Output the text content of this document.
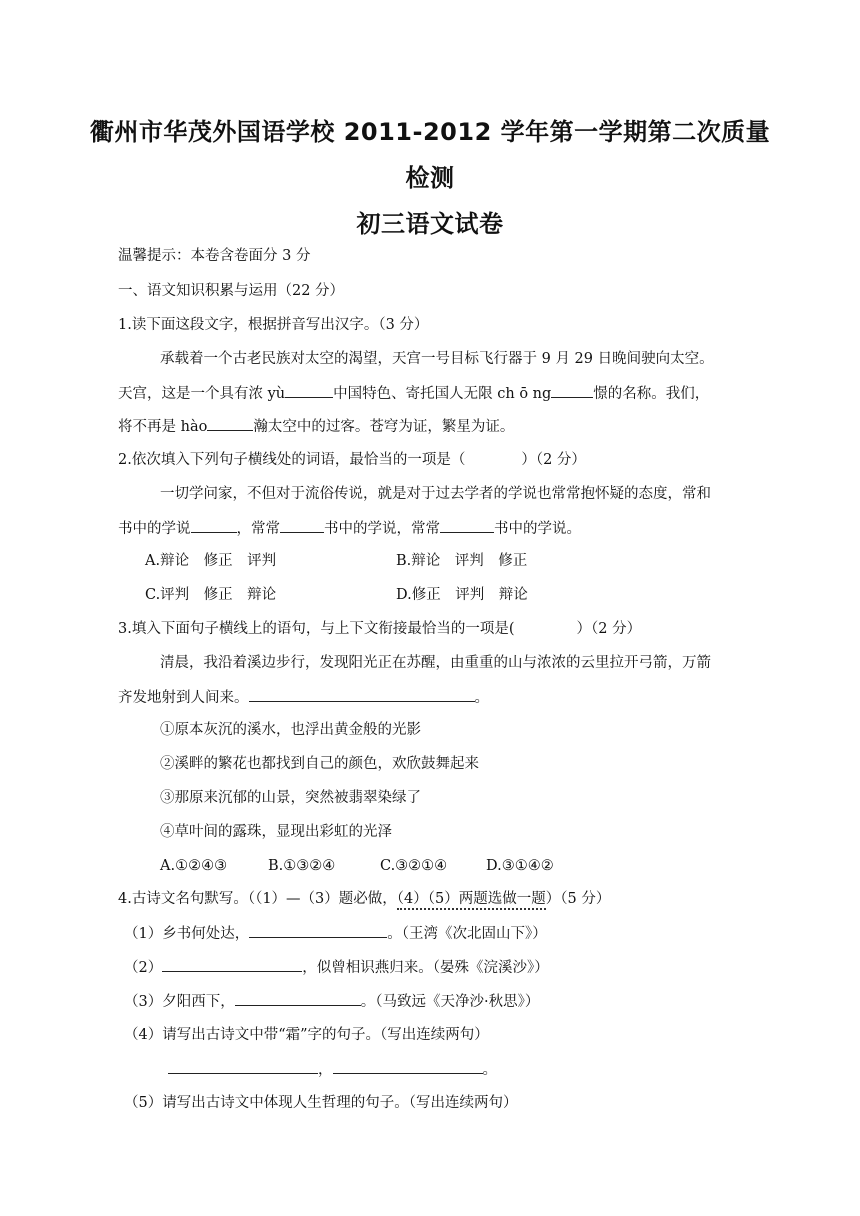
衢州市华茂外国语学校 2011-2012 学年第一学期第二次质量
检测
初三语文试卷
温馨提示：本卷含卷面分 3 分
一、语文知识积累与运用（22 分）
1.读下面这段文字，根据拼音写出汉字。（3 分）
承载着一个古老民族对太空的渴望，天宫一号目标飞行器于 9 月 29 日晚间驶向太空。
天宫，这是一个具有浓 yù	中国特色、寄托国人无限 ch ō ng	憬的名称。我们，
将不再是 hào	瀚太空中的过客。苍穹为证，繁星为证。
2.依次填入下列句子横线处的词语，最恰当的一项是（	）（2 分）
一切学问家，不但对于流俗传说，就是对于过去学者的学说也常常抱怀疑的态度，常和
书中的学说	，常常	书中的学说，常常	书中的学说。
A.辩论　修正　评判	B.辩论　评判　修正
C.评判　修正　辩论	D.修正　评判　辩论
3.填入下面句子横线上的语句，与上下文衔接最恰当的一项是(	）（2 分）
清晨，我沿着溪边步行，发现阳光正在苏醒，由重重的山与浓浓的云里拉开弓箭，万箭
齐发地射到人间来。	。
①原本灰沉的溪水，也浮出黄金般的光影
②溪畔的繁花也都找到自己的颜色，欢欣鼓舞起来
③那原来沉郁的山景，突然被翡翠染绿了
④草叶间的露珠，显现出彩虹的光泽
A.①②④③	B.①③②④	C.③②①④	D.③①④②
4.古诗文名句默写。（（1）—（3）题必做，（4）（5）两题选做一题）（5 分）
（1）乡书何处达，	。（王湾《次北固山下》）
（2）	，似曾相识燕归来。（晏殊《浣溪沙》）
（3）夕阳西下，	。（马致远《天净沙·秋思》）
（4）请写出古诗文中带“霜”字的句子。（写出连续两句）
，	。
（5）请写出古诗文中体现人生哲理的句子。（写出连续两句）
